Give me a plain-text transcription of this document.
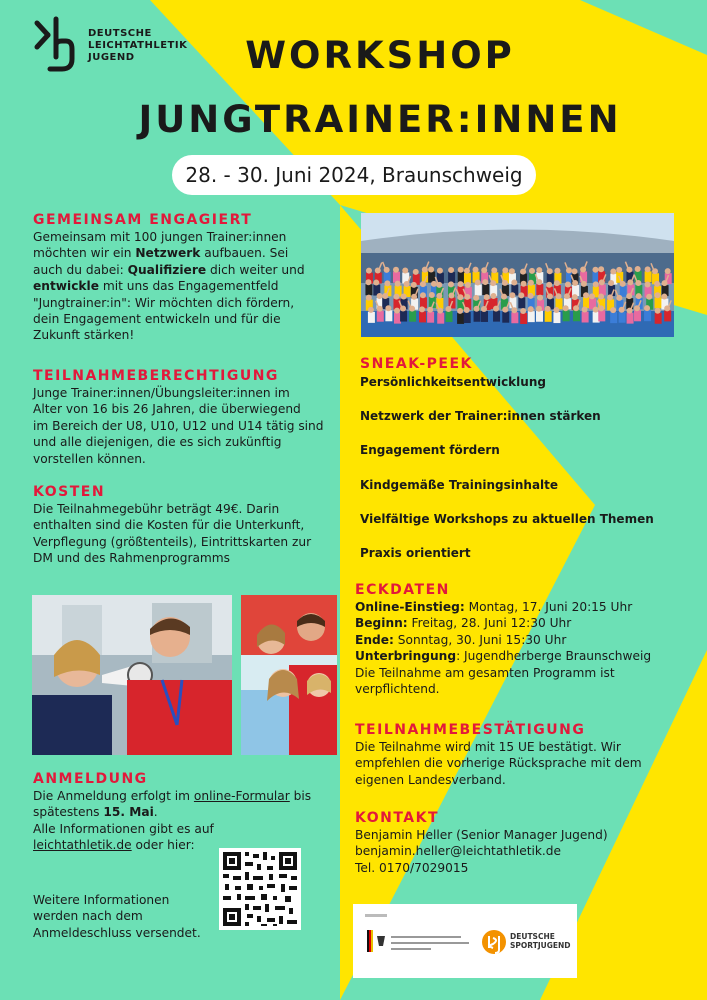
DEUTSCHE
LEICHTATHLETIK
JUGEND	WORKSHOP
JUNGTRAINER:INNEN
28. - 30. Juni 2024, Braunschweig
GEMEINSAM ENGAGIERT
Gemeinsam mit 100 jungen Trainer:innen
möchten wir ein Netzwerk aufbauen. Sei
auch du dabei: Qualifiziere dich weiter und
entwickle mit uns das Engagementfeld
"Jungtrainer:in": Wir möchten dich fördern,
dein Engagement entwickeln und für die
Zukunft stärken!
TEILNAHMEBERECHTIGUNG
Junge Trainer:innen/Übungsleiter:innen im
Alter von 16 bis 26 Jahren, die überwiegend
im Bereich der U8, U10, U12 und U14 tätig sind
und alle diejenigen, die es sich zukünftig
vorstellen können.
KOSTEN
Die Teilnahmegebühr beträgt 49€. Darin
enthalten sind die Kosten für die Unterkunft,
Verpflegung (größtenteils), Eintrittskarten zur
DM und des Rahmenprogramms
ANMELDUNG
Die Anmeldung erfolgt im online-Formular bis
spätestens 15. Mai.
Alle Informationen gibt es auf
leichtathletik.de oder hier:
Weitere Informationen
werden nach dem
Anmeldeschluss versendet.
SNEAK-PEEK
Persönlichkeitsentwicklung
Netzwerk der Trainer:innen stärken
Engagement fördern
Kindgemäße Trainingsinhalte
Vielfältige Workshops zu aktuellen Themen
Praxis orientiert
ECKDATEN
Online-Einstieg: Montag, 17. Juni 20:15 Uhr
Beginn: Freitag, 28. Juni 12:30 Uhr
Ende: Sonntag, 30. Juni 15:30 Uhr
Unterbringung: Jugendherberge Braunschweig
Die Teilnahme am gesamten Programm ist
verpflichtend.
TEILNAHMEBESTÄTIGUNG
Die Teilnahme wird mit 15 UE bestätigt. Wir
empfehlen die vorherige Rücksprache mit dem
eigenen Landesverband.
KONTAKT
Benjamin Heller (Senior Manager Jugend)
benjamin.heller@leichtathletik.de
Tel. 0170/7029015
DEUTSCHE
SPORTJUGEND
